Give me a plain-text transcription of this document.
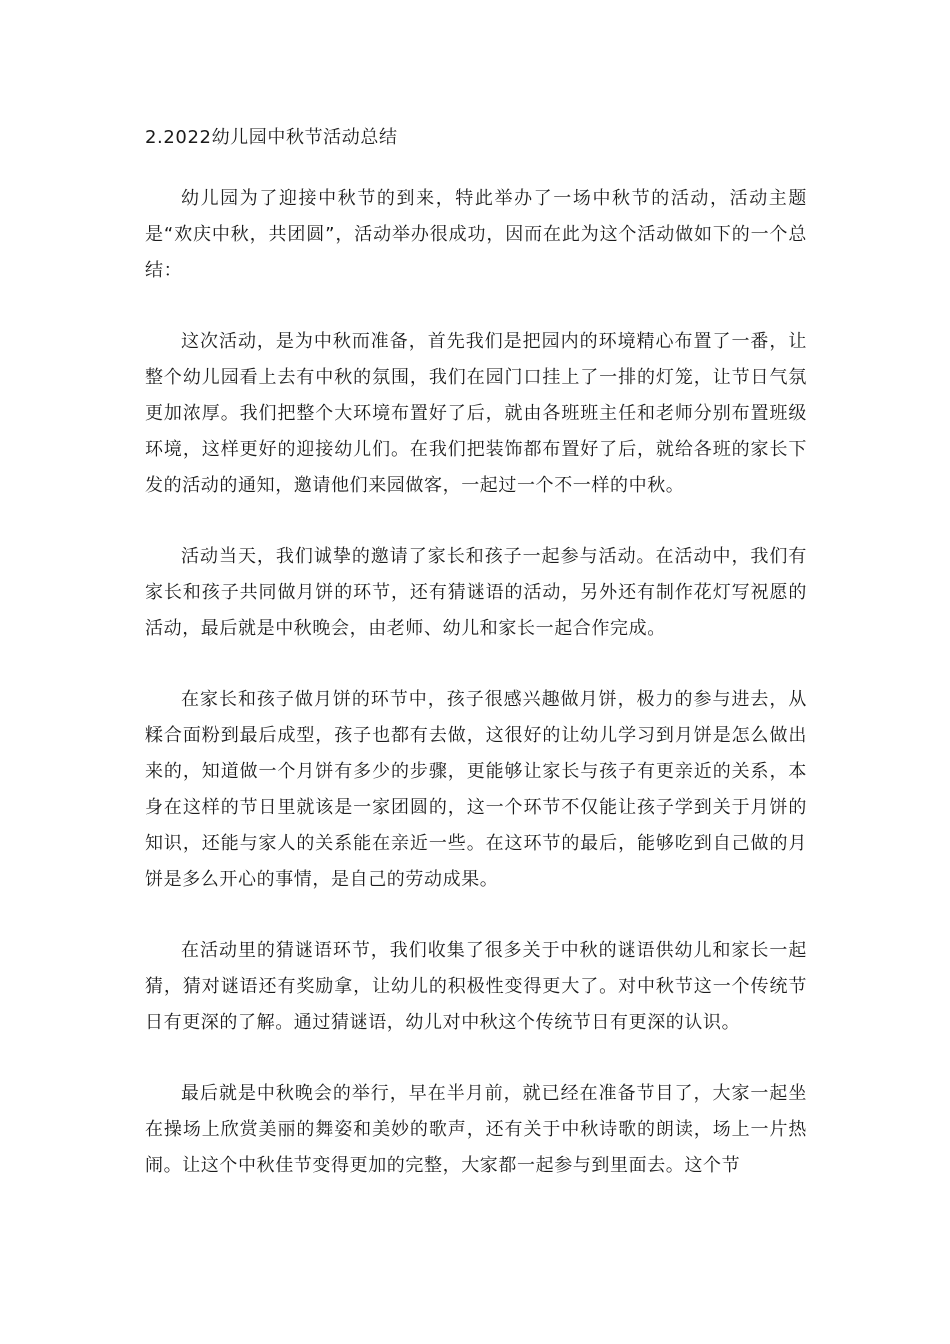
2.2022幼儿园中秋节活动总结

幼儿园为了迎接中秋节的到来，特此举办了一场中秋节的活动，活动主题是“欢庆中秋，共团圆”，活动举办很成功，因而在此为这个活动做如下的一个总结：

这次活动，是为中秋而准备，首先我们是把园内的环境精心布置了一番，让整个幼儿园看上去有中秋的氛围，我们在园门口挂上了一排的灯笼，让节日气氛更加浓厚。我们把整个大环境布置好了后，就由各班班主任和老师分别布置班级环境，这样更好的迎接幼儿们。在我们把装饰都布置好了后，就给各班的家长下发的活动的通知，邀请他们来园做客，一起过一个不一样的中秋。

活动当天，我们诚挚的邀请了家长和孩子一起参与活动。在活动中，我们有家长和孩子共同做月饼的环节，还有猜谜语的活动，另外还有制作花灯写祝愿的活动，最后就是中秋晚会，由老师、幼儿和家长一起合作完成。

在家长和孩子做月饼的环节中，孩子很感兴趣做月饼，极力的参与进去，从糅合面粉到最后成型，孩子也都有去做，这很好的让幼儿学习到月饼是怎么做出来的，知道做一个月饼有多少的步骤，更能够让家长与孩子有更亲近的关系，本身在这样的节日里就该是一家团圆的，这一个环节不仅能让孩子学到关于月饼的知识，还能与家人的关系能在亲近一些。在这环节的最后，能够吃到自己做的月饼是多么开心的事情，是自己的劳动成果。

在活动里的猜谜语环节，我们收集了很多关于中秋的谜语供幼儿和家长一起猜，猜对谜语还有奖励拿，让幼儿的积极性变得更大了。对中秋节这一个传统节日有更深的了解。通过猜谜语，幼儿对中秋这个传统节日有更深的认识。

最后就是中秋晚会的举行，早在半月前，就已经在准备节目了，大家一起坐在操场上欣赏美丽的舞姿和美妙的歌声，还有关于中秋诗歌的朗读，场上一片热闹。让这个中秋佳节变得更加的完整，大家都一起参与到里面去。这个节
